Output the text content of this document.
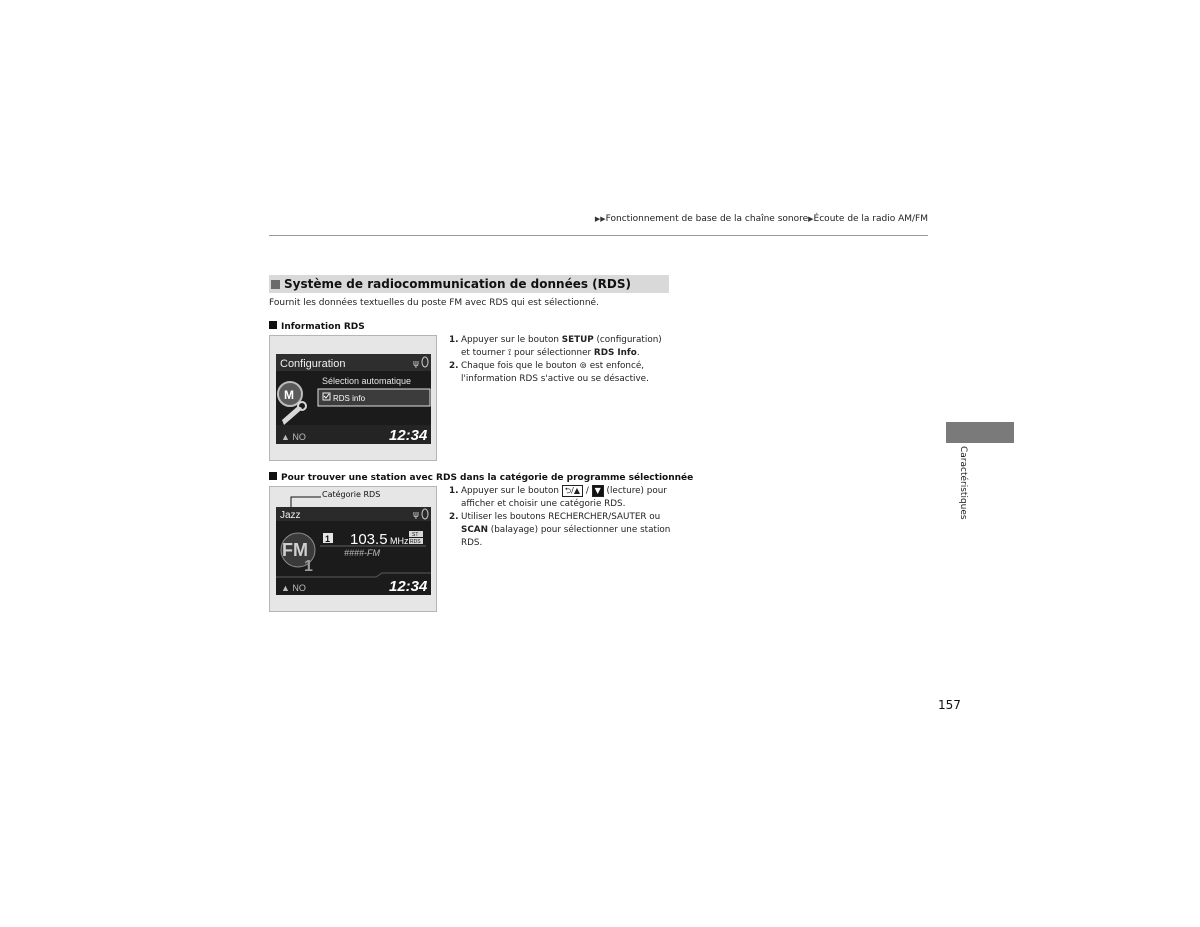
▶▶Fonctionnement de base de la chaîne sonore▶Écoute de la radio AM/FM
Système de radiocommunication de données (RDS)
Fournit les données textuelles du poste FM avec RDS qui est sélectionné.
Information RDS
Configuration	ψ
Sélection automatique
RDS info
M
▲ NO	12:34
1. Appuyer sur le bouton SETUP (configuration) et tourner ⟟ pour sélectionner RDS Info.
2. Chaque fois que le bouton ⊚ est enfoncé, l'information RDS s'active ou se désactive.
Pour trouver une station avec RDS dans la catégorie de programme sélectionnée
Catégorie RDS
Jazz	ψ
FM
1
1 103.5 MHz
ST
RDS
####-FM
▲ NO	12:34
1. Appuyer sur le bouton ⮌/▲ / ▼ (lecture) pour afficher et choisir une catégorie RDS.
2. Utiliser les boutons RECHERCHER/SAUTER ou SCAN (balayage) pour sélectionner une station RDS.
Caractéristiques
157
